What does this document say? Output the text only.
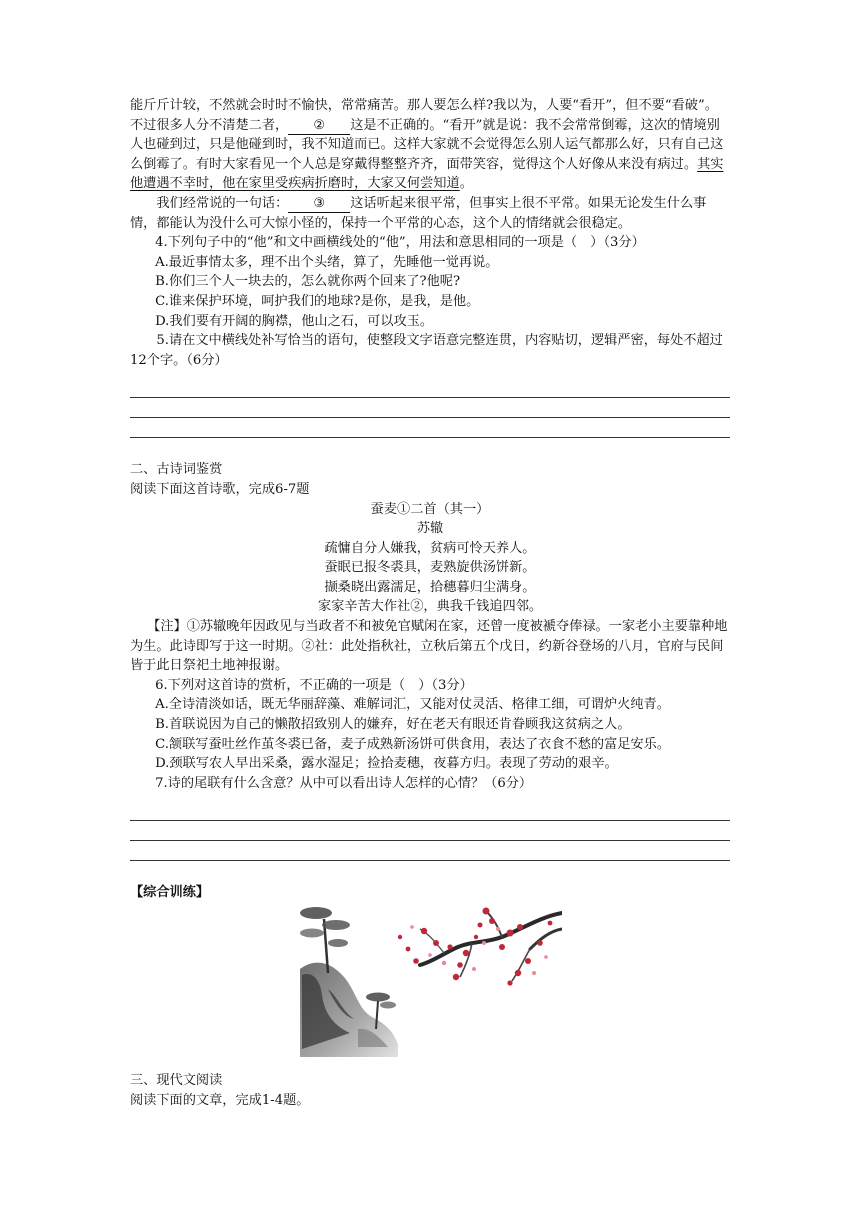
能斤斤计较，不然就会时时不愉快，常常痛苦。那人要怎么样?我以为，人要“看开”，但不要“看破”。不过很多人分不清楚二者， ② 这是不正确的。“看开”就是说：我不会常常倒霉，这次的情境别人也碰到过，只是他碰到时，我不知道而已。这样大家就不会觉得怎么别人运气都那么好，只有自己这么倒霉了。有时大家看见一个人总是穿戴得整整齐齐，面带笑容，觉得这个人好像从来没有病过。其实他遭遇不幸时，他在家里受疾病折磨时，大家又何尝知道。

我们经常说的一句话： ③ 这话听起来很平常，但事实上很不平常。如果无论发生什么事情，都能认为没什么可大惊小怪的，保持一个平常的心态，这个人的情绪就会很稳定。

4.下列句子中的“他”和文中画横线处的“他”，用法和意思相同的一项是（　）（3分）

A.最近事情太多，理不出个头绪，算了，先睡他一觉再说。

B.你们三个人一块去的，怎么就你两个回来了?他呢?

C.谁来保护环境，呵护我们的地球?是你，是我，是他。

D.我们要有开阔的胸襟，他山之石，可以攻玉。

5.请在文中横线处补写恰当的语句，使整段文字语意完整连贯，内容贴切，逻辑严密，每处不超过12个字。（6分）

二、古诗词鉴赏

阅读下面这首诗歌，完成6-7题

蚕麦①二首（其一）

苏辙

疏慵自分人嫌我，贫病可怜天养人。

蚕眠已报冬裘具，麦熟旋供汤饼新。

撷桑晓出露濡足，拾穗暮归尘满身。

家家辛苦大作社②，典我千钱追四邻。

【注】①苏辙晚年因政见与当政者不和被免官赋闲在家，还曾一度被褫夺俸禄。一家老小主要靠种地为生。此诗即写于这一时期。②社：此处指秋社，立秋后第五个戊日，约新谷登场的八月，官府与民间皆于此日祭祀土地神报谢。

6.下列对这首诗的赏析，不正确的一项是（　）（3分）

A.全诗清淡如话，既无华丽辞藻、难解词汇，又能对仗灵活、格律工细，可谓炉火纯青。

B.首联说因为自己的懒散招致别人的嫌弃，好在老天有眼还肯眷顾我这贫病之人。

C.颔联写蚕吐丝作茧冬裘已备，麦子成熟新汤饼可供食用，表达了衣食不愁的富足安乐。

D.颈联写农人早出采桑，露水湿足；捡拾麦穗，夜暮方归。表现了劳动的艰辛。

7.诗的尾联有什么含意？从中可以看出诗人怎样的心情？（6分）

【综合训练】

三、现代文阅读

阅读下面的文章，完成1-4题。
